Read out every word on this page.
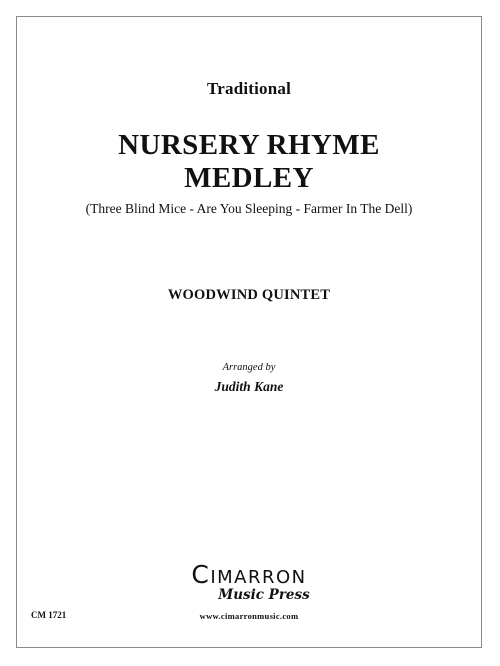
Traditional
NURSERY RHYME
MEDLEY
(Three Blind Mice - Are You Sleeping - Farmer In The Dell)
WOODWIND QUINTET
Arranged by
Judith Kane
CIMARRON
Music Press
www.cimarronmusic.com
CM 1721
